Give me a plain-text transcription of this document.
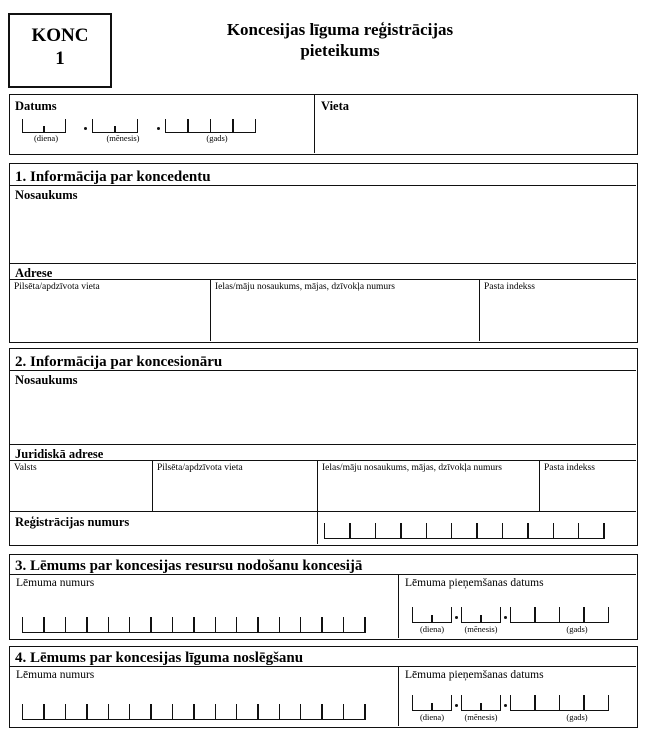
KONC
1
Koncesijas līguma reģistrācijas
pieteikums
Datums	Vieta
(diena)	(mēnesis)	(gads)
1. Informācija par koncedentu
Nosaukums
Adrese
Pilsēta/apdzīvota vieta	Ielas/māju nosaukums, mājas, dzīvokļa numurs	Pasta indekss
2. Informācija par koncesionāru
Nosaukums
Juridiskā adrese
Valsts	Pilsēta/apdzīvota vieta	Ielas/māju nosaukums, mājas, dzīvokļa numurs	Pasta indekss
Reģistrācijas numurs
3. Lēmums par koncesijas resursu nodošanu koncesijā
Lēmuma numurs	Lēmuma pieņemšanas datums
(diena)	(mēnesis)	(gads)
4. Lēmums par koncesijas līguma noslēgšanu
Lēmuma numurs	Lēmuma pieņemšanas datums
(diena)	(mēnesis)	(gads)
